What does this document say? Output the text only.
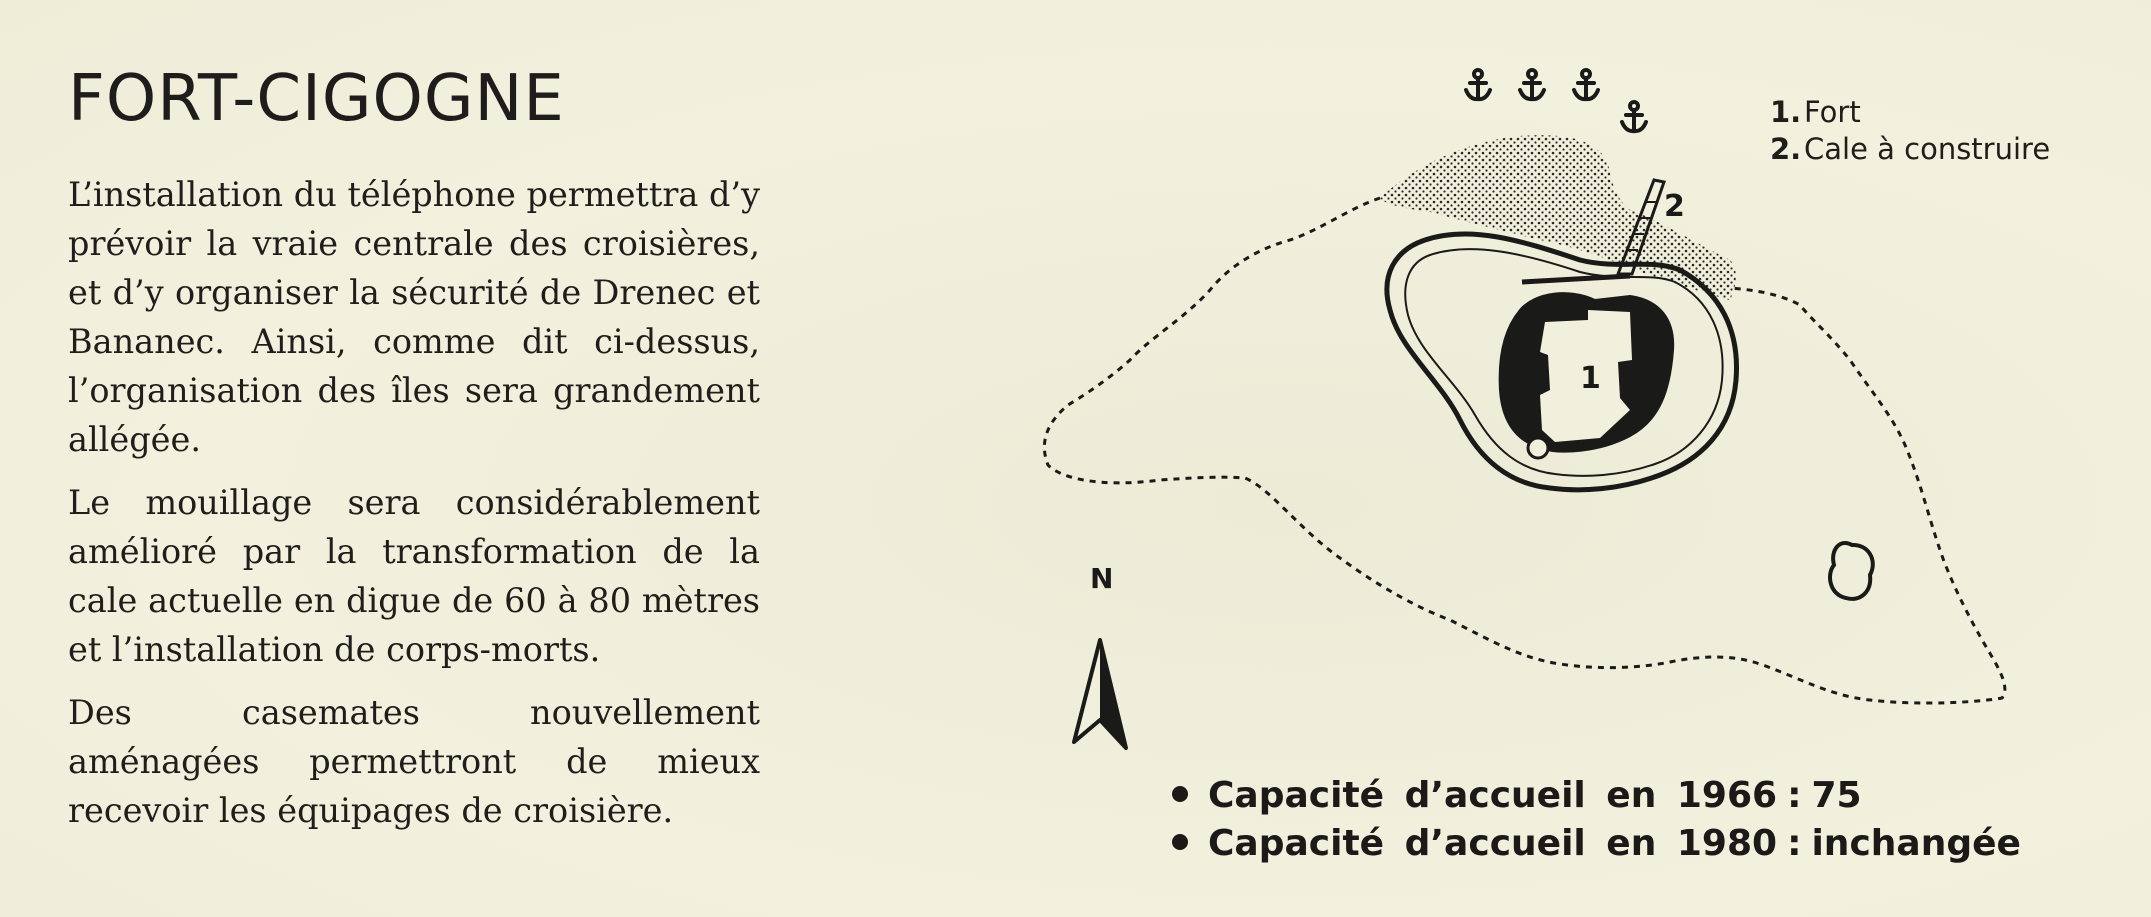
FORT-CIGOGNE

L’installation du téléphone permettra d’y prévoir la vraie centrale des croisières, et d’y organiser la sécurité de Drenec et Bananec. Ainsi, comme dit ci-dessus, l’organisation des îles sera grandement allégée.

Le mouillage sera considérablement amélioré par la transformation de la cale actuelle en digue de 60 à 80 mètres et l’installation de corps-morts.

Des casemates nouvellement aménagées permettront de mieux recevoir les équipages de croisière.

1.Fort
2.Cale à construire
1
2
N
Capacité d’accueil en 1966 : 75
Capacité d’accueil en 1980 : inchangée
